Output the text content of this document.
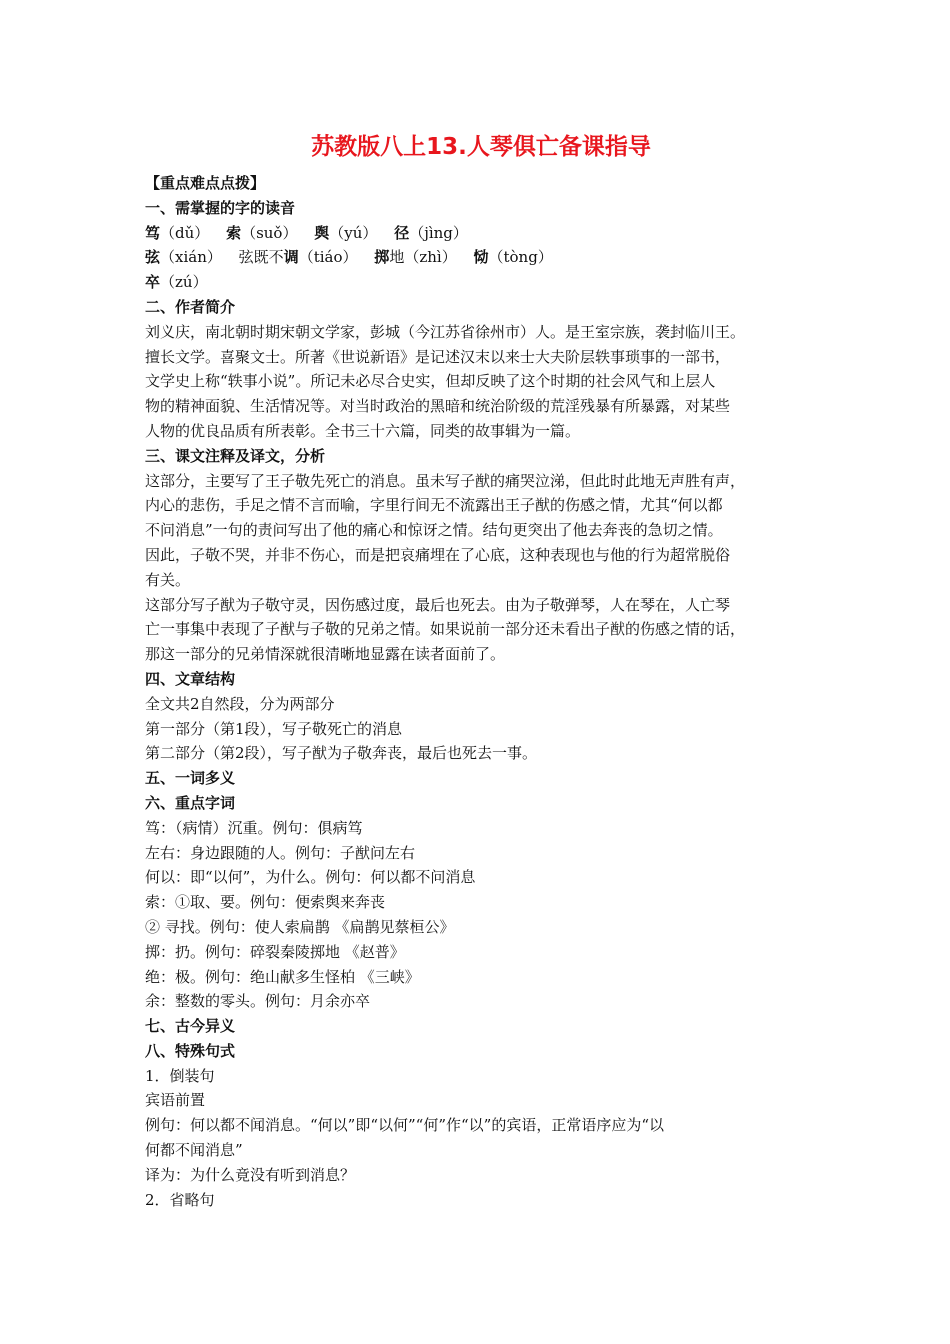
苏教版八上13.人琴俱亡备课指导

【重点难点点拨】

一、需掌握的字的读音

笃（dǔ） 索（suǒ） 舆（yú） 径（jìng）

弦（xián） 弦既不调（tiáo） 掷地（zhì） 恸（tòng）

卒（zú）

二、作者简介

刘义庆，南北朝时期宋朝文学家，彭城（今江苏省徐州市）人。是王室宗族，袭封临川王。

擅长文学。喜聚文士。所著《世说新语》是记述汉末以来士大夫阶层轶事琐事的一部书，

文学史上称“轶事小说”。所记未必尽合史实，但却反映了这个时期的社会风气和上层人

物的精神面貌、生活情况等。对当时政治的黑暗和统治阶级的荒淫残暴有所暴露，对某些

人物的优良品质有所表彰。全书三十六篇，同类的故事辑为一篇。

三、课文注释及译文，分析

这部分，主要写了王子敬先死亡的消息。虽未写子猷的痛哭泣涕，但此时此地无声胜有声，

内心的悲伤，手足之情不言而喻，字里行间无不流露出王子猷的伤感之情，尤其“何以都

不问消息”一句的责问写出了他的痛心和惊讶之情。结句更突出了他去奔丧的急切之情。

因此，子敬不哭，并非不伤心，而是把哀痛埋在了心底，这种表现也与他的行为超常脱俗

有关。

这部分写子猷为子敬守灵，因伤感过度，最后也死去。由为子敬弹琴，人在琴在，人亡琴

亡一事集中表现了子猷与子敬的兄弟之情。如果说前一部分还未看出子猷的伤感之情的话，

那这一部分的兄弟情深就很清晰地显露在读者面前了。

四、文章结构

全文共2自然段，分为两部分

第一部分（第1段），写子敬死亡的消息

第二部分（第2段），写子猷为子敬奔丧，最后也死去一事。

五、一词多义

六、重点字词

笃：（病情）沉重。例句：俱病笃

左右：身边跟随的人。例句：子猷问左右

何以：即“以何”，为什么。例句：何以都不问消息

索：①取、要。例句：便索舆来奔丧

② 寻找。例句：使人索扁鹊 《扁鹊见蔡桓公》

掷：扔。例句：碎裂秦陵掷地 《赵普》

绝：极。例句：绝山献多生怪柏 《三峡》

余：整数的零头。例句：月余亦卒

七、古今异义

八、特殊句式

1．倒装句

宾语前置

例句：何以都不闻消息。“何以”即“以何”“何”作“以”的宾语，正常语序应为“以

何都不闻消息”

译为：为什么竟没有听到消息？

2．省略句
